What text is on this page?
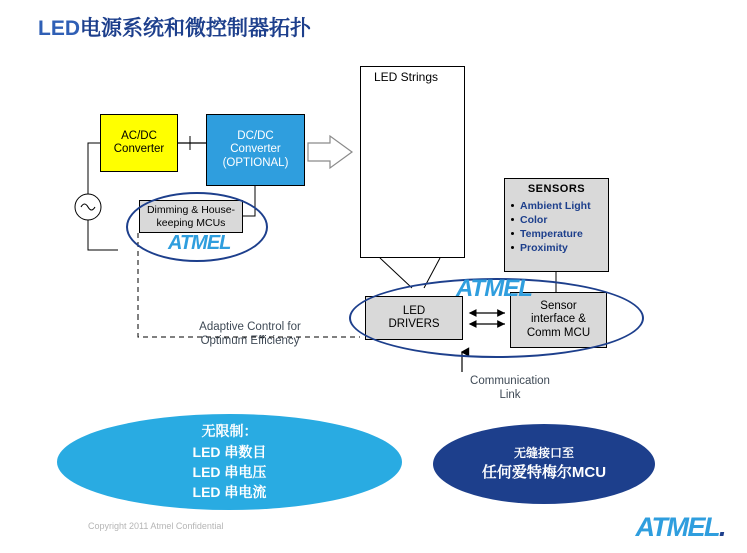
LED电源系统和微控制器拓扑
AC/DC
Converter
DC/DC
Converter
(OPTIONAL)
Dimming & House-
keeping MCUs
ATMEL
LED Strings
SENSORS
Ambient Light
Color
Temperature
Proximity
LED
DRIVERS
Sensor
interface &
Comm MCU
ATMEL
Adaptive Control for
Optimum Efficiency
Communication
Link
无限制：
LED 串数目
LED 串电压
LED 串电流
无缝接口至
任何爱特梅尔MCU
Copyright 2011 Atmel Confidential	ATMEL.
